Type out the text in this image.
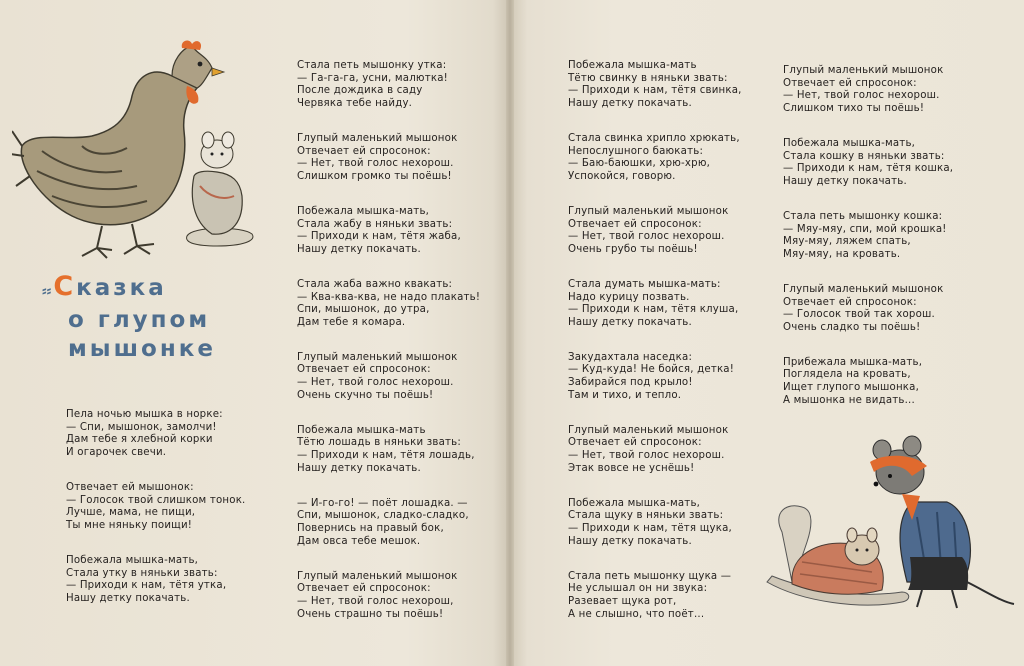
⸗⸗Сказка
о глупом
мышонке
Пела ночью мышка в норке:
— Спи, мышонок, замолчи!
Дам тебе я хлебной корки
И огарочек свечи.
Отвечает ей мышонок:
— Голосок твой слишком тонок.
Лучше, мама, не пищи,
Ты мне няньку поищи!
Побежала мышка-мать,
Стала утку в няньки звать:
— Приходи к нам, тётя утка,
Нашу детку покачать.
Стала петь мышонку утка:
— Га-га-га, усни, малютка!
После дождика в саду
Червяка тебе найду.
Глупый маленький мышонок
Отвечает ей спросонок:
— Нет, твой голос нехорош.
Слишком громко ты поёшь!
Побежала мышка-мать,
Стала жабу в няньки звать:
— Приходи к нам, тётя жаба,
Нашу детку покачать.
Стала жаба важно квакать:
— Ква-ква-ква, не надо плакать!
Спи, мышонок, до утра,
Дам тебе я комара.
Глупый маленький мышонок
Отвечает ей спросонок:
— Нет, твой голос нехорош.
Очень скучно ты поёшь!
Побежала мышка-мать
Тётю лошадь в няньки звать:
— Приходи к нам, тётя лошадь,
Нашу детку покачать.
— И-го-го! — поёт лошадка. —
Спи, мышонок, сладко-сладко,
Повернись на правый бок,
Дам овса тебе мешок.
Глупый маленький мышонок
Отвечает ей спросонок:
— Нет, твой голос нехорош,
Очень страшно ты поёшь!
Побежала мышка-мать
Тётю свинку в няньки звать:
— Приходи к нам, тётя свинка,
Нашу детку покачать.
Стала свинка хрипло хрюкать,
Непослушного баюкать:
— Баю-баюшки, хрю-хрю,
Успокойся, говорю.
Глупый маленький мышонок
Отвечает ей спросонок:
— Нет, твой голос нехорош.
Очень грубо ты поёшь!
Стала думать мышка-мать:
Надо курицу позвать.
— Приходи к нам, тётя клуша,
Нашу детку покачать.
Закудахтала наседка:
— Куд-куда! Не бойся, детка!
Забирайся под крыло!
Там и тихо, и тепло.
Глупый маленький мышонок
Отвечает ей спросонок:
— Нет, твой голос нехорош.
Этак вовсе не уснёшь!
Побежала мышка-мать,
Стала щуку в няньки звать:
— Приходи к нам, тётя щука,
Нашу детку покачать.
Стала петь мышонку щука —
Не услышал он ни звука:
Разевает щука рот,
А не слышно, что поёт...
Глупый маленький мышонок
Отвечает ей спросонок:
— Нет, твой голос нехорош.
Слишком тихо ты поёшь!
Побежала мышка-мать,
Стала кошку в няньки звать:
— Приходи к нам, тётя кошка,
Нашу детку покачать.
Стала петь мышонку кошка:
— Мяу-мяу, спи, мой крошка!
Мяу-мяу, ляжем спать,
Мяу-мяу, на кровать.
Глупый маленький мышонок
Отвечает ей спросонок:
— Голосок твой так хорош.
Очень сладко ты поёшь!
Прибежала мышка-мать,
Поглядела на кровать,
Ищет глупого мышонка,
А мышонка не видать...
